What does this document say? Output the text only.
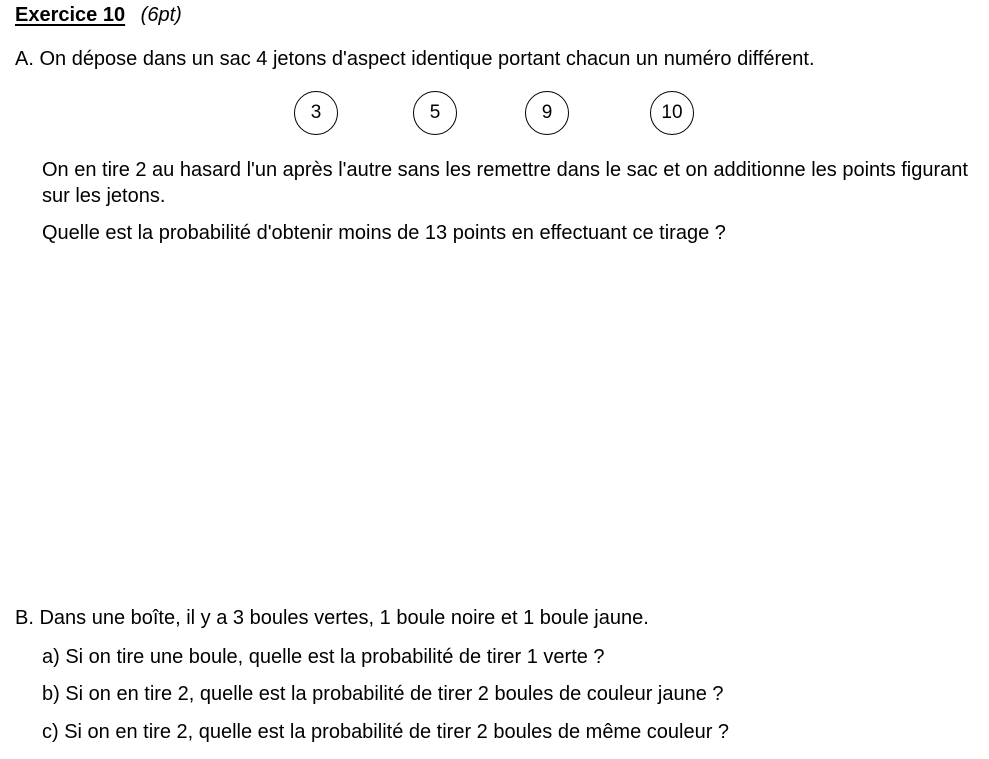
Exercice 10 (6pt)
A. On dépose dans un sac 4 jetons d'aspect identique portant chacun un numéro différent.
3	5	9	10
On en tire 2 au hasard l'un après l'autre sans les remettre dans le sac et on additionne les points figurant sur les jetons.
Quelle est la probabilité d'obtenir moins de 13 points en effectuant ce tirage ?
B. Dans une boîte, il y a 3 boules vertes, 1 boule noire et 1 boule jaune.
a) Si on tire une boule, quelle est la probabilité de tirer 1 verte ?
b) Si on en tire 2, quelle est la probabilité de tirer 2 boules de couleur jaune ?
c) Si on en tire 2, quelle est la probabilité de tirer 2 boules de même couleur ?
